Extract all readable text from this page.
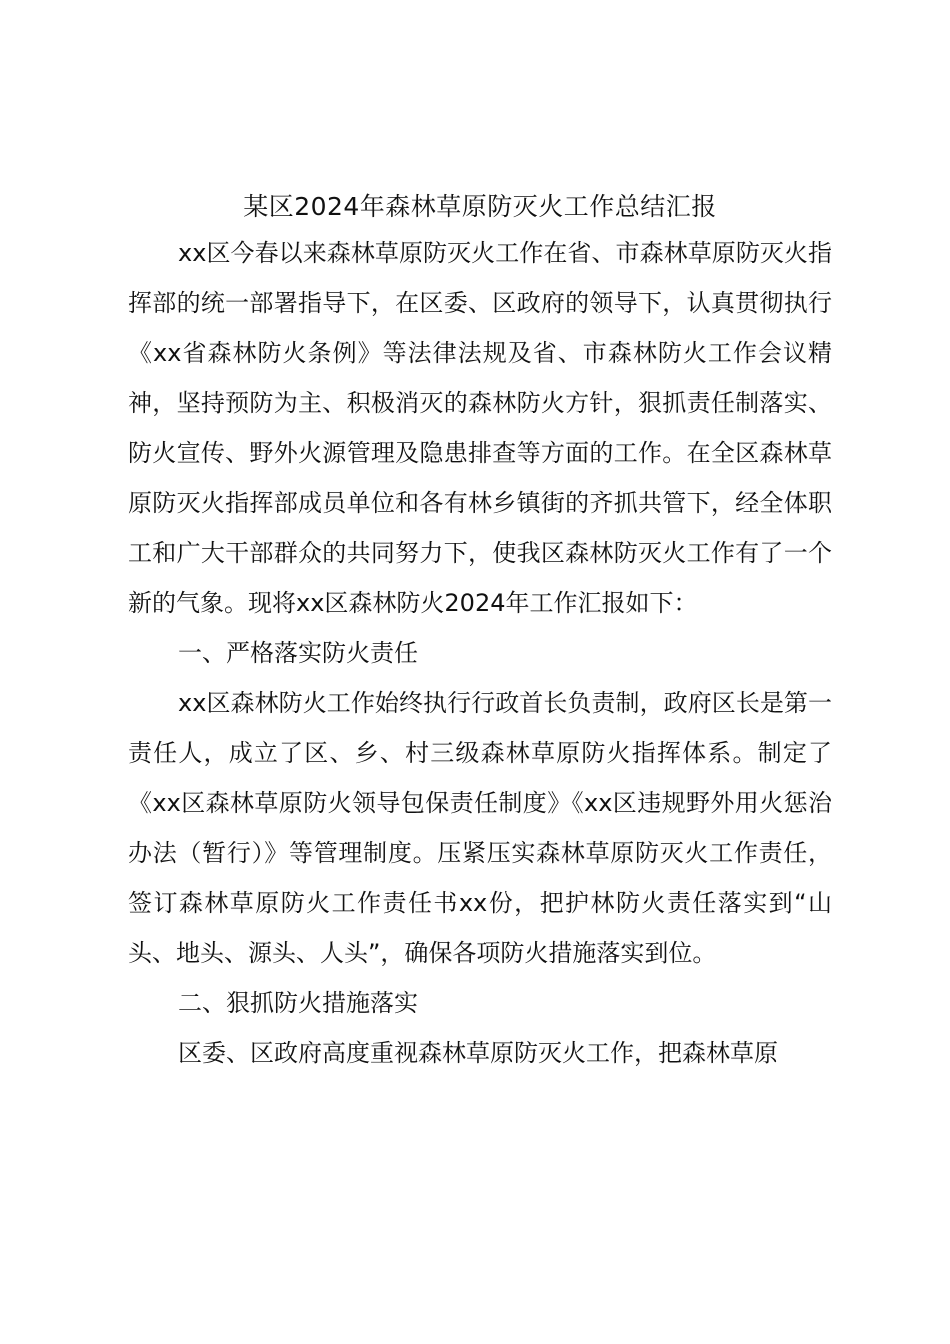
某区2024年森林草原防灭火工作总结汇报

xx区今春以来森林草原防灭火工作在省、市森林草原防灭火指挥部的统一部署指导下，在区委、区政府的领导下，认真贯彻执行《xx省森林防火条例》等法律法规及省、市森林防火工作会议精神，坚持预防为主、积极消灭的森林防火方针，狠抓责任制落实、防火宣传、野外火源管理及隐患排查等方面的工作。在全区森林草原防灭火指挥部成员单位和各有林乡镇街的齐抓共管下，经全体职工和广大干部群众的共同努力下，使我区森林防灭火工作有了一个新的气象。现将xx区森林防火2024年工作汇报如下：

一、严格落实防火责任

xx区森林防火工作始终执行行政首长负责制，政府区长是第一责任人，成立了区、乡、村三级森林草原防火指挥体系。制定了《xx区森林草原防火领导包保责任制度》《xx区违规野外用火惩治办法（暂行）》等管理制度。压紧压实森林草原防灭火工作责任，签订森林草原防火工作责任书xx份，把护林防火责任落实到“山头、地头、源头、人头”，确保各项防火措施落实到位。

二、狠抓防火措施落实

区委、区政府高度重视森林草原防灭火工作，把森林草原
